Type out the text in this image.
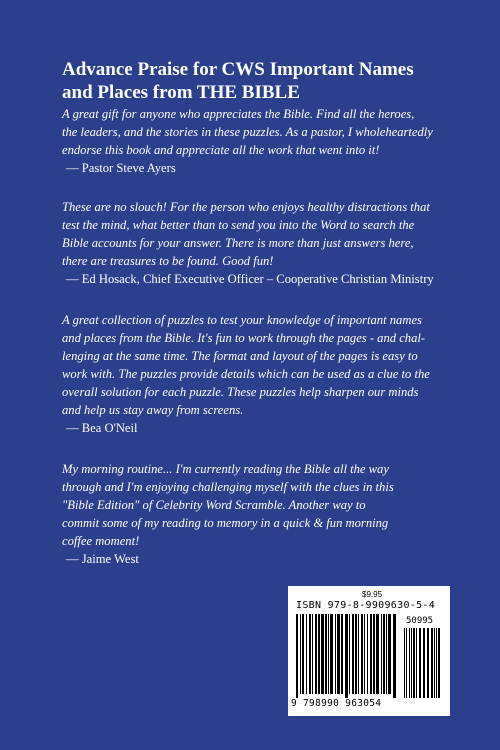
Advance Praise for CWS Important Names
and Places from THE BIBLE
A great gift for anyone who appreciates the Bible. Find all the heroes,
the leaders, and the stories in these puzzles. As a pastor, I wholeheartedly
endorse this book and appreciate all the work that went into it!
— Pastor Steve Ayers
These are no slouch! For the person who enjoys healthy distractions that
test the mind, what better than to send you into the Word to search the
Bible accounts for your answer. There is more than just answers here,
there are treasures to be found. Good fun!
— Ed Hosack, Chief Executive Officer – Cooperative Christian Ministry
A great collection of puzzles to test your knowledge of important names
and places from the Bible. It's fun to work through the pages - and chal-
lenging at the same time. The format and layout of the pages is easy to
work with. The puzzles provide details which can be used as a clue to the
overall solution for each puzzle. These puzzles help sharpen our minds
and help us stay away from screens.
— Bea O'Neil
My morning routine... I'm currently reading the Bible all the way
through and I'm enjoying challenging myself with the clues in this
"Bible Edition" of Celebrity Word Scramble. Another way to
commit some of my reading to memory in a quick & fun morning
coffee moment!
— Jaime West
$9.95
ISBN 979-8-9909630-5-4
50995
9 798990 963054
